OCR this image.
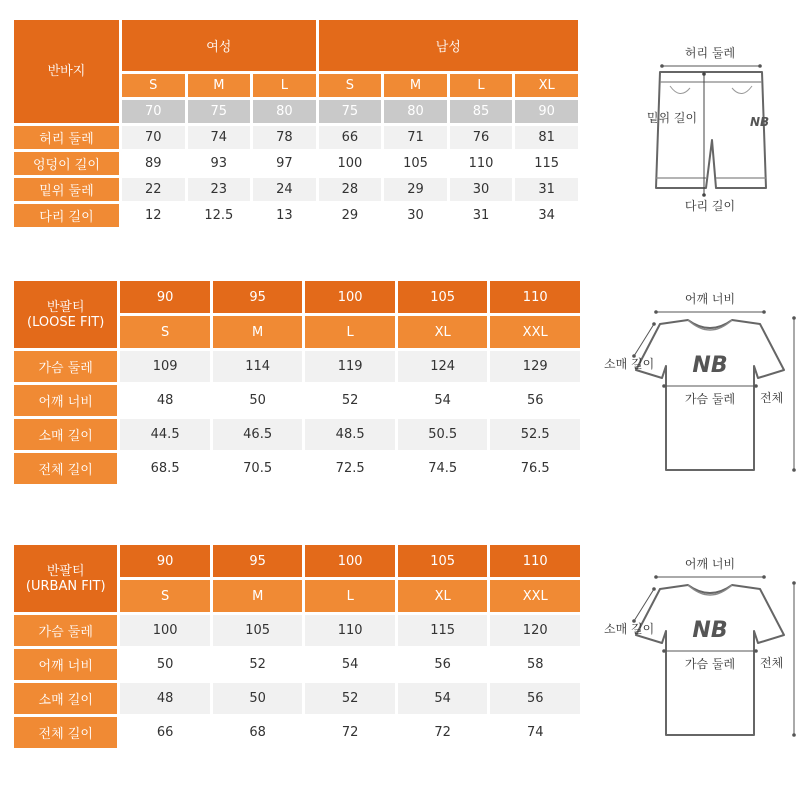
반바지	여성			남성			
	S	M	L	S	M	L	XL
	70	75	80	75	80	85	90
허리 둘레	70	74	78	66	71	76	81
엉덩이 길이	89	93	97	100	105	110	115
밑위 둘레	22	23	24	28	29	30	31
다리 길이	12	12.5	13	29	30	31	34
허리 둘레
밑위 길이	NB
다리 길이
반팔티
(LOOSE FIT)	90	95	100	105	110
	S	M	L	XL	XXL
가슴 둘레	109	114	119	124	129
어깨 너비	48	50	52	54	56
소매 길이	44.5	46.5	48.5	50.5	52.5
전체 길이	68.5	70.5	72.5	74.5	76.5
어깨 너비
NB
소매 길이
가슴 둘레 전체
반팔티
(URBAN FIT)	90	95	100	105	110
	S	M	L	XL	XXL
가슴 둘레	100	105	110	115	120
어깨 너비	50	52	54	56	58
소매 길이	48	50	52	54	56
전체 길이	66	68	72	72	74
어깨 너비
NB
소매 길이
가슴 둘레 전체
